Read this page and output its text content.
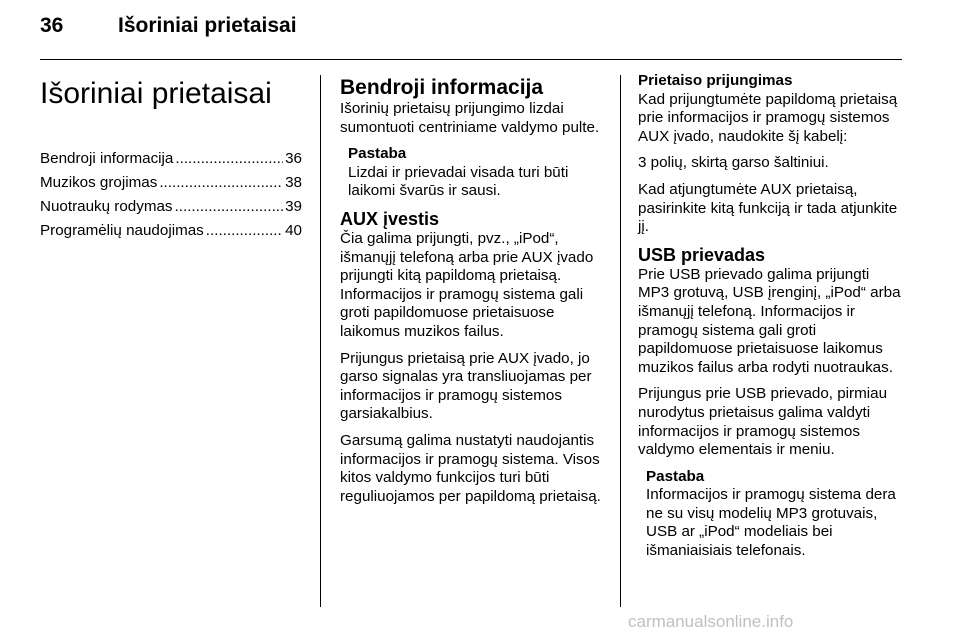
36	Išoriniai prietaisai
Išoriniai prietaisai
Bendroji informacija .....	36
Muzikos grojimas .....	38
Nuotraukų rodymas .....	39
Programėlių naudojimas .....	40
Bendroji informacija

Išorinių prietaisų prijungimo lizdai sumontuoti centriniame valdymo pulte.

Pastaba
Lizdai ir prievadai visada turi būti laikomi švarūs ir sausi.
AUX įvestis

Čia galima prijungti, pvz., „iPod“, išmanųjį telefoną arba prie AUX įvado prijungti kitą papildomą prietaisą. Informacijos ir pramogų sistema gali groti papildomuose prietaisuose laikomus muzikos failus.

Prijungus prietaisą prie AUX įvado, jo garso signalas yra transliuojamas per informacijos ir pramogų sistemos garsiakalbius.

Garsumą galima nustatyti naudojantis informacijos ir pramogų sistema. Visos kitos valdymo funkcijos turi būti reguliuojamos per papildomą prietaisą.

Prietaiso prijungimas

Kad prijungtumėte papildomą prietaisą prie informacijos ir pramogų sistemos AUX įvado, naudokite šį kabelį:

3 polių, skirtą garso šaltiniui.

Kad atjungtumėte AUX prietaisą, pasirinkite kitą funkciją ir tada atjunkite jį.

USB prievadas

Prie USB prievado galima prijungti MP3 grotuvą, USB įrenginį, „iPod“ arba išmanųjį telefoną. Informacijos ir pramogų sistema gali groti papildomuose prietaisuose laikomus muzikos failus arba rodyti nuotraukas.

Prijungus prie USB prievado, pirmiau nurodytus prietaisus galima valdyti informacijos ir pramogų sistemos valdymo elementais ir meniu.

Pastaba
Informacijos ir pramogų sistema dera ne su visų modelių MP3 grotuvais, USB ar „iPod“ modeliais bei išmaniaisiais telefonais.
carmanualsonline.info
